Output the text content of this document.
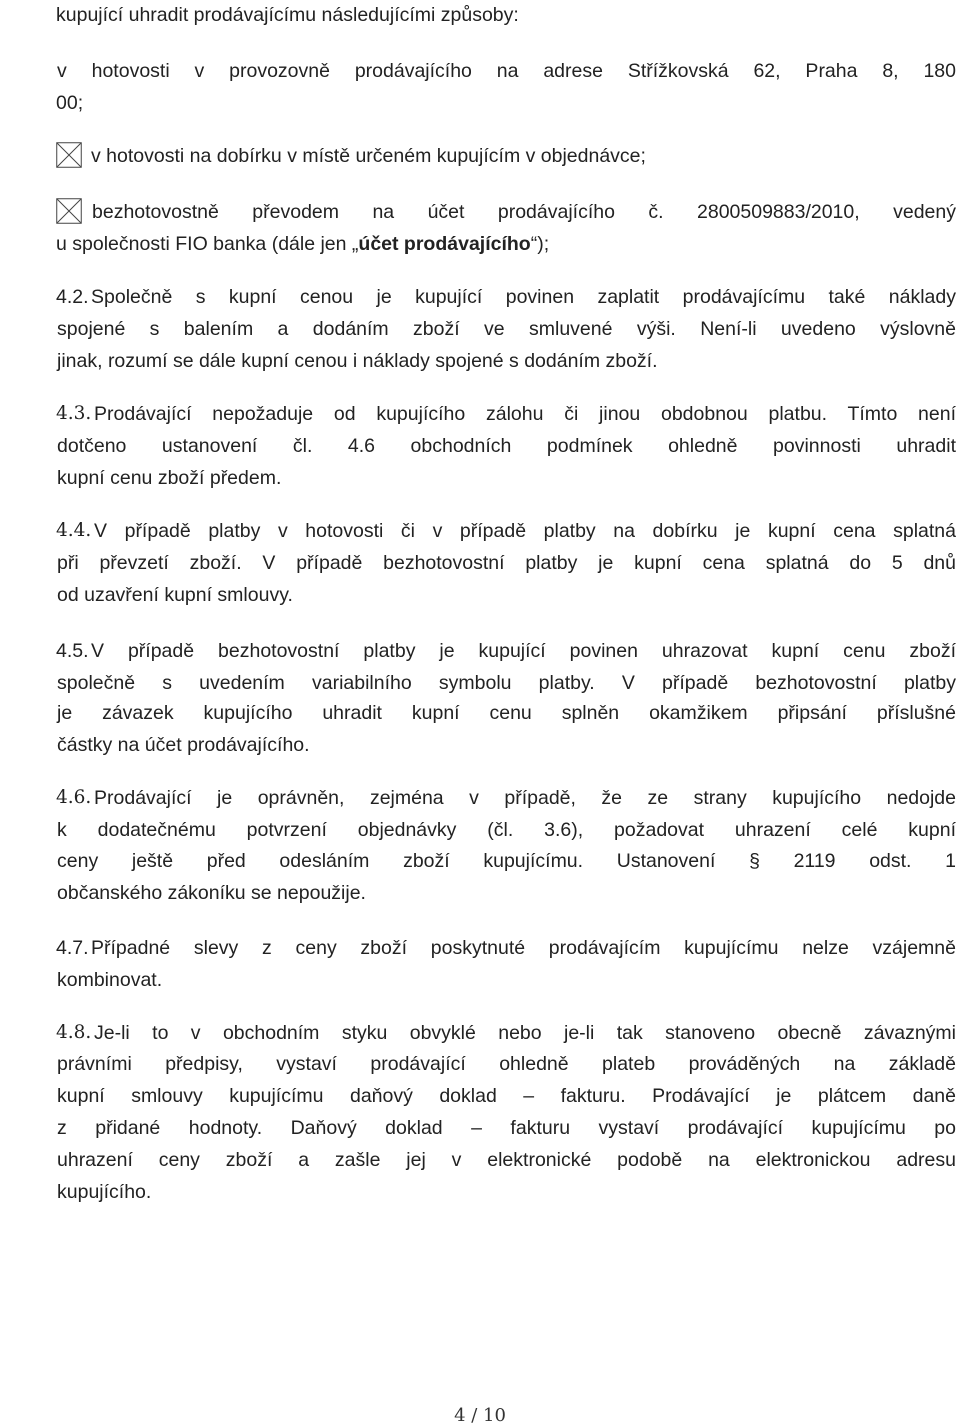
kupující uhradit prodávajícímu následujícími způsoby:
v hotovosti v provozovně prodávajícího na adrese Střížkovská 62, Praha 8, 180
00;
v hotovosti na dobírku v místě určeném kupujícím v objednávce;
bezhotovostně převodem na účet prodávajícího č. 2800509883/2010, vedený
u společnosti FIO banka (dále jen „účet prodávajícího“);
4.2. Společně s kupní cenou je kupující povinen zaplatit prodávajícímu také náklady
spojené s balením a dodáním zboží ve smluvené výši. Není-li uvedeno výslovně
jinak, rozumí se dále kupní cenou i náklady spojené s dodáním zboží.
4.3. Prodávající nepožaduje od kupujícího zálohu či jinou obdobnou platbu. Tímto není
dotčeno ustanovení čl. 4.6 obchodních podmínek ohledně povinnosti uhradit
kupní cenu zboží předem.
4.4. V případě platby v hotovosti či v případě platby na dobírku je kupní cena splatná
při převzetí zboží. V případě bezhotovostní platby je kupní cena splatná do 5 dnů
od uzavření kupní smlouvy.
4.5. V případě bezhotovostní platby je kupující povinen uhrazovat kupní cenu zboží
společně s uvedením variabilního symbolu platby. V případě bezhotovostní platby
je závazek kupujícího uhradit kupní cenu splněn okamžikem připsání příslušné
částky na účet prodávajícího.
4.6. Prodávající je oprávněn, zejména v případě, že ze strany kupujícího nedojde
k dodatečnému potvrzení objednávky (čl. 3.6), požadovat uhrazení celé kupní
ceny ještě před odesláním zboží kupujícímu. Ustanovení § 2119 odst. 1
občanského zákoníku se nepoužije.
4.7. Případné slevy z ceny zboží poskytnuté prodávajícím kupujícímu nelze vzájemně
kombinovat.
4.8. Je-li to v obchodním styku obvyklé nebo je-li tak stanoveno obecně závaznými
právními předpisy, vystaví prodávající ohledně plateb prováděných na základě
kupní smlouvy kupujícímu daňový doklad – fakturu. Prodávající je plátcem daně
z přidané hodnoty. Daňový doklad – fakturu vystaví prodávající kupujícímu po
uhrazení ceny zboží a zašle jej v elektronické podobě na elektronickou adresu
kupujícího.
4 / 10
